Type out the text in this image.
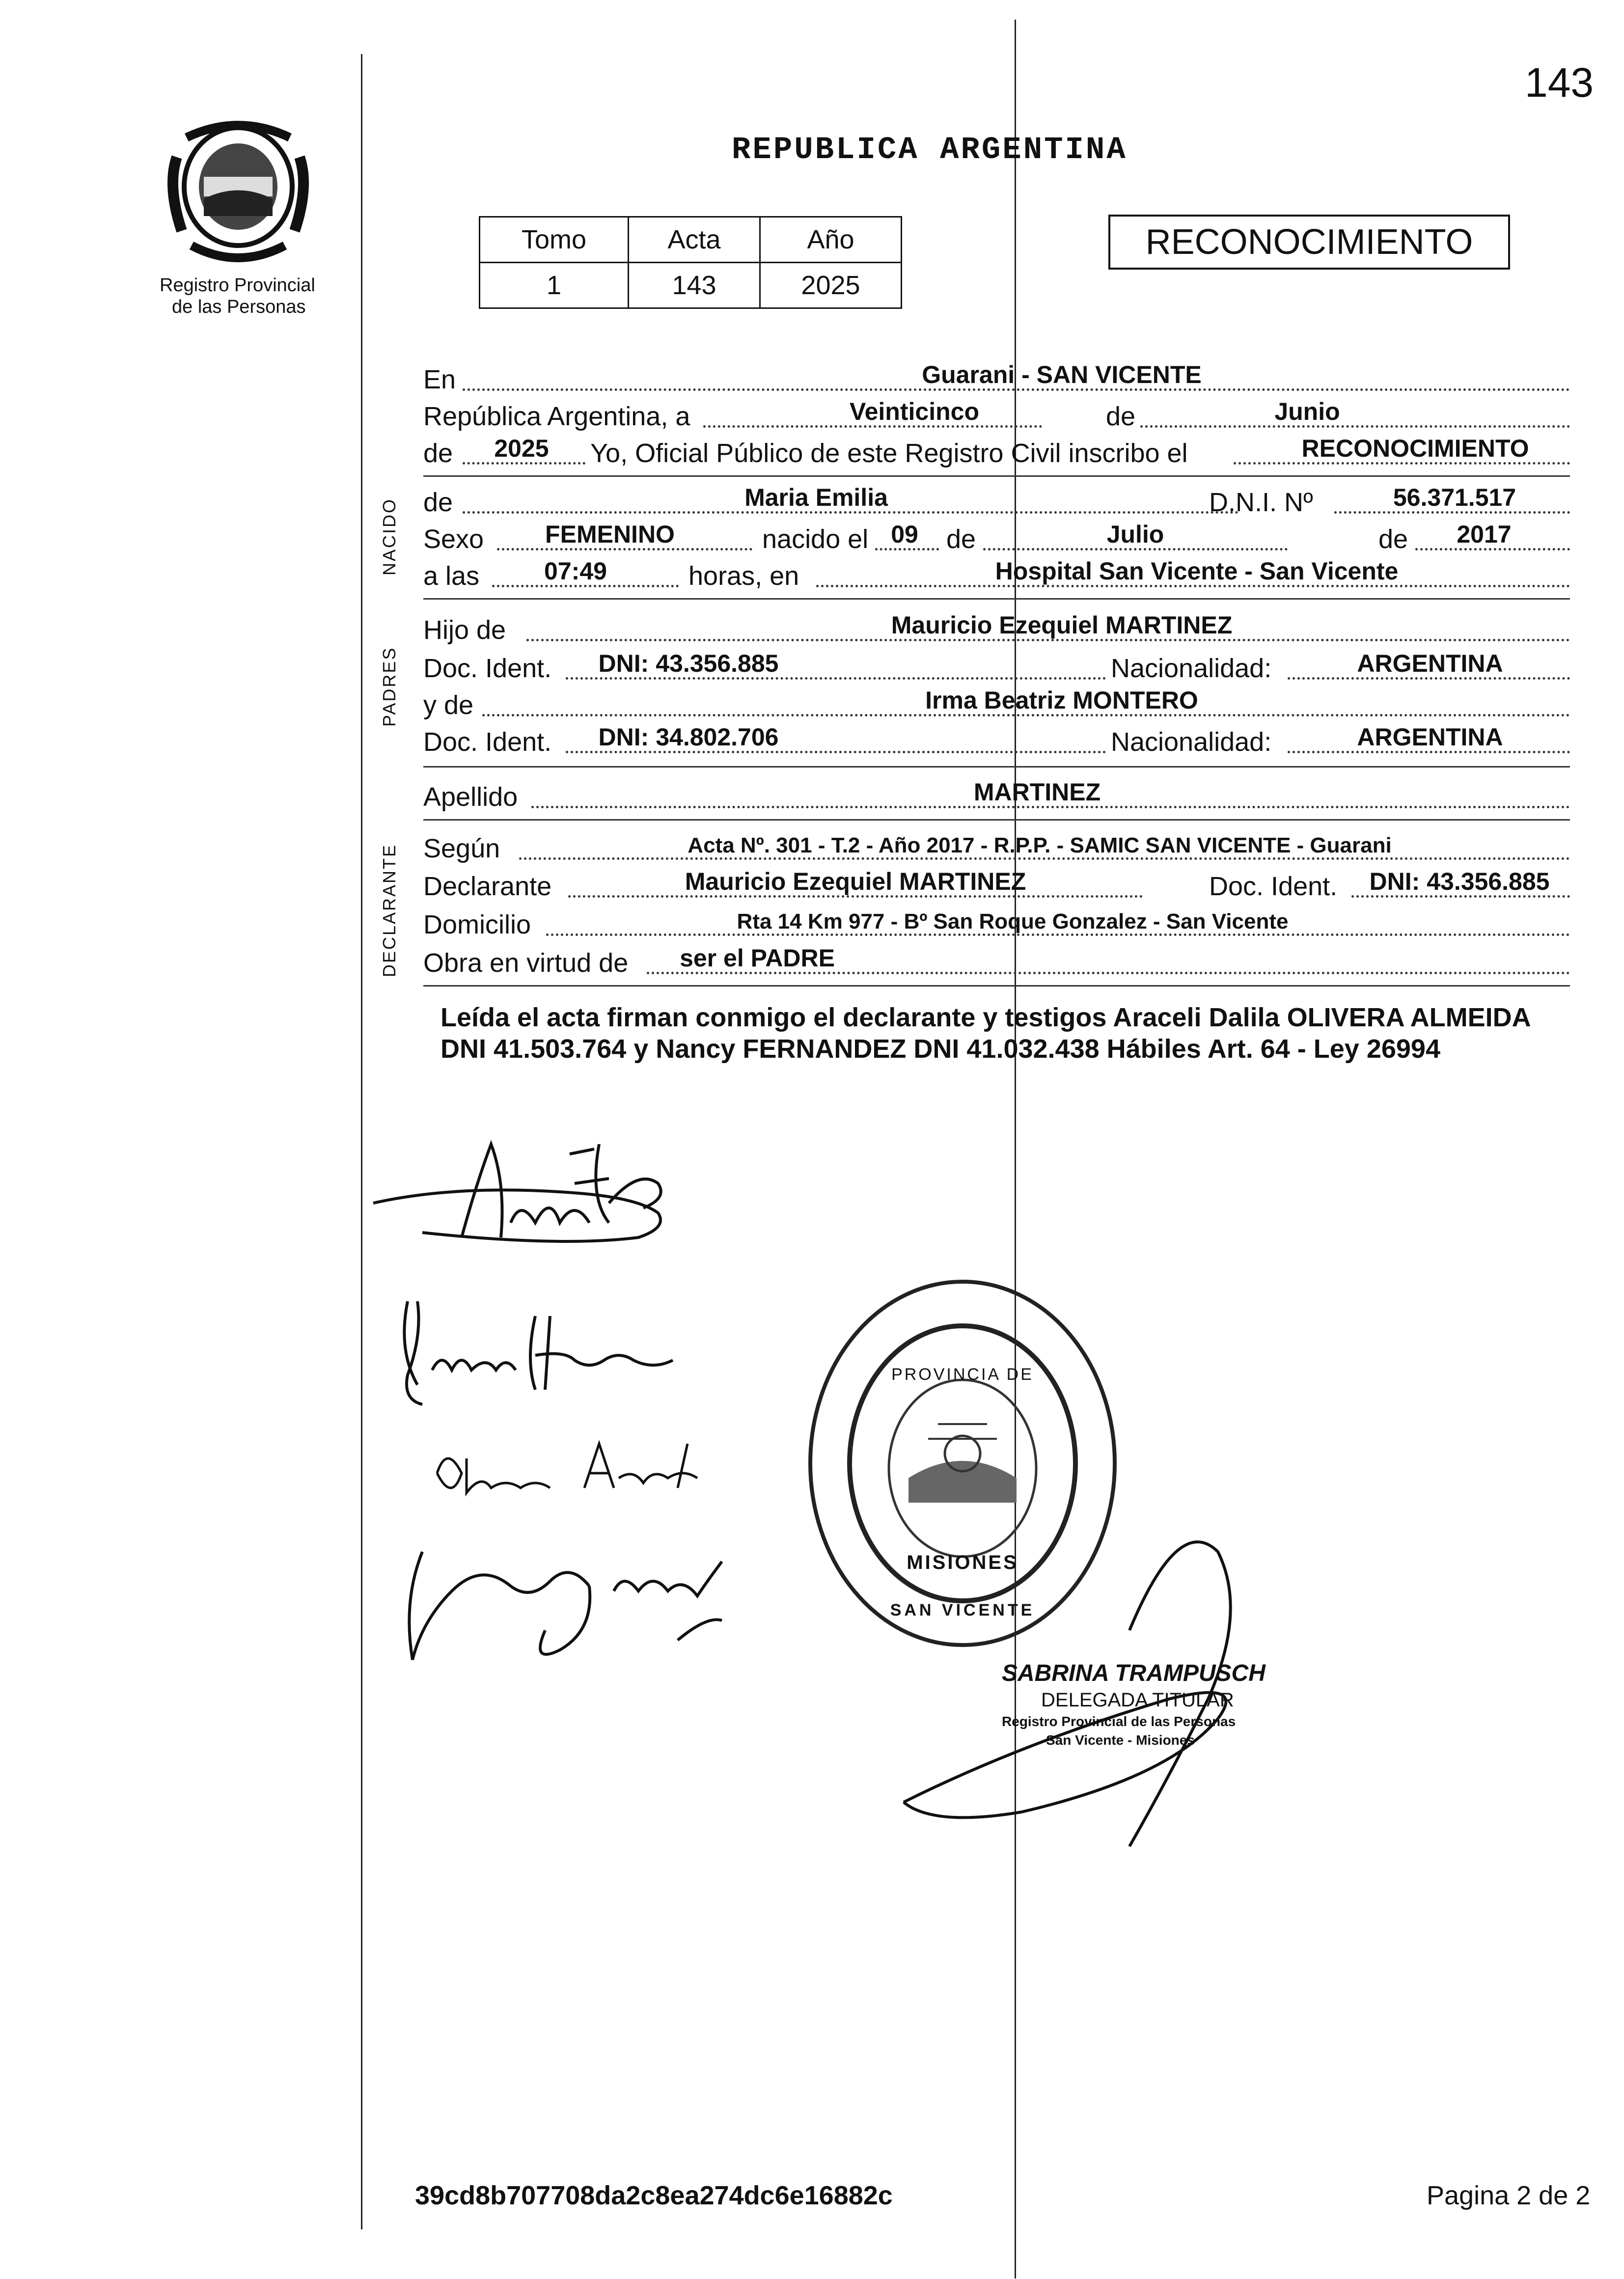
143
Registro Provincial
de las Personas
REPUBLICA ARGENTINA
Tomo	Acta	Año
1	143	2025
RECONOCIMIENTO
NACIDO
PADRES
DECLARANTE
En	Guarani - SAN VICENTE
República Argentina, a	Veinticinco	de	Junio
de	2025	Yo, Oficial Público de este Registro Civil inscribo el	RECONOCIMIENTO
de	Maria Emilia	D.N.I. Nº	56.371.517
Sexo	FEMENINO	nacido el 09	de	Julio	de	2017
a las	07:49	horas, en	Hospital San Vicente - San Vicente
Hijo de	Mauricio Ezequiel MARTINEZ
Doc. Ident.	DNI: 43.356.885	Nacionalidad:	ARGENTINA
y de	Irma Beatriz MONTERO
Doc. Ident.	DNI: 34.802.706	Nacionalidad:	ARGENTINA
Apellido	MARTINEZ
Según	Acta Nº. 301 - T.2 - Año 2017 - R.P.P. - SAMIC SAN VICENTE - Guarani
Declarante	Mauricio Ezequiel MARTINEZ	Doc. Ident.	DNI: 43.356.885
Domicilio	Rta 14 Km 977 - Bº San Roque Gonzalez - San Vicente
Obra en virtud de	ser el PADRE
Leída el acta firman conmigo el declarante y testigos Araceli Dalila OLIVERA ALMEIDA DNI 41.503.764 y Nancy FERNANDEZ DNI 41.032.438 Hábiles Art. 64 - Ley 26994
PROVINCIA DE
MISIONES
SAN VICENTE
SABRINA TRAMPUSCH
DELEGADA TITULAR
Registro Provincial de las Personas
San Vicente - Misiones
39cd8b707708da2c8ea274dc6e16882c	Pagina 2 de 2
